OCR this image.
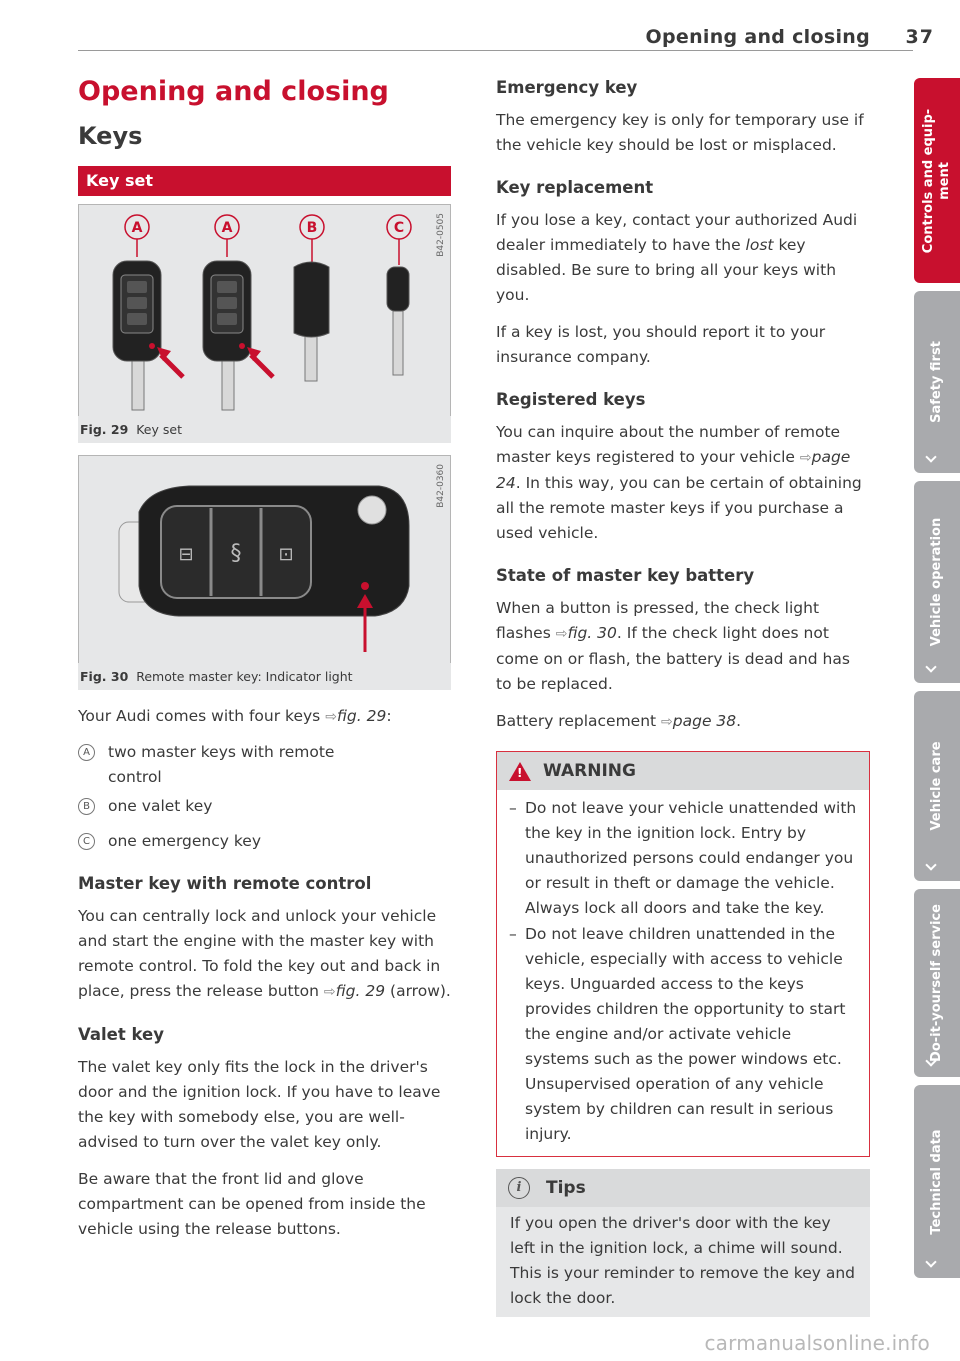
Opening and closing 37
Opening and closing
Keys
Key set
A	A	B	C	B42-0505
Fig. 29 Key set
⊟ § ⊡
B42-0360
Fig. 30 Remote master key: Indicator light

Your Audi comes with four keys ⇨fig. 29:

A	two master keys with remote control
B	one valet key
C	one emergency key
Master key with remote control

You can centrally lock and unlock your vehicle and start the engine with the master key with remote control. To fold the key out and back in place, press the release button ⇨fig. 29 (arrow).

Valet key

The valet key only fits the lock in the driver's door and the ignition lock. If you have to leave the key with somebody else, you are well-advised to turn over the valet key only.

Be aware that the front lid and glove compartment can be opened from inside the vehicle using the release buttons.

Emergency key

The emergency key is only for temporary use if the vehicle key should be lost or misplaced.

Key replacement

If you lose a key, contact your authorized Audi dealer immediately to have the lost key disabled. Be sure to bring all your keys with you.

If a key is lost, you should report it to your insurance company.

Registered keys

You can inquire about the number of remote master keys registered to your vehicle ⇨page 24. In this way, you can be certain of obtaining all the remote master keys if you purchase a used vehicle.

State of master key battery

When a button is pressed, the check light flashes ⇨fig. 30. If the check light does not come on or flash, the battery is dead and has to be replaced.

Battery replacement ⇨page 38.

!
WARNING
– Do not leave your vehicle unattended with the key in the ignition lock. Entry by unauthorized persons could endanger you or result in theft or damage the vehicle. Always lock all doors and take the key.
– Do not leave children unattended in the vehicle, especially with access to vehicle keys. Unguarded access to the keys provides children the opportunity to start the engine and/or activate vehicle systems such as the power windows etc. Unsupervised operation of any vehicle system by children can result in serious injury.
i	Tips
If you open the driver's door with the key left in the ignition lock, a chime will sound. This is your reminder to remove the key and lock the door.
Controls and equip- ment
Safety first
Vehicle operation
Vehicle care
Do-it-yourself service
Technical data
carmanualsonline.info
